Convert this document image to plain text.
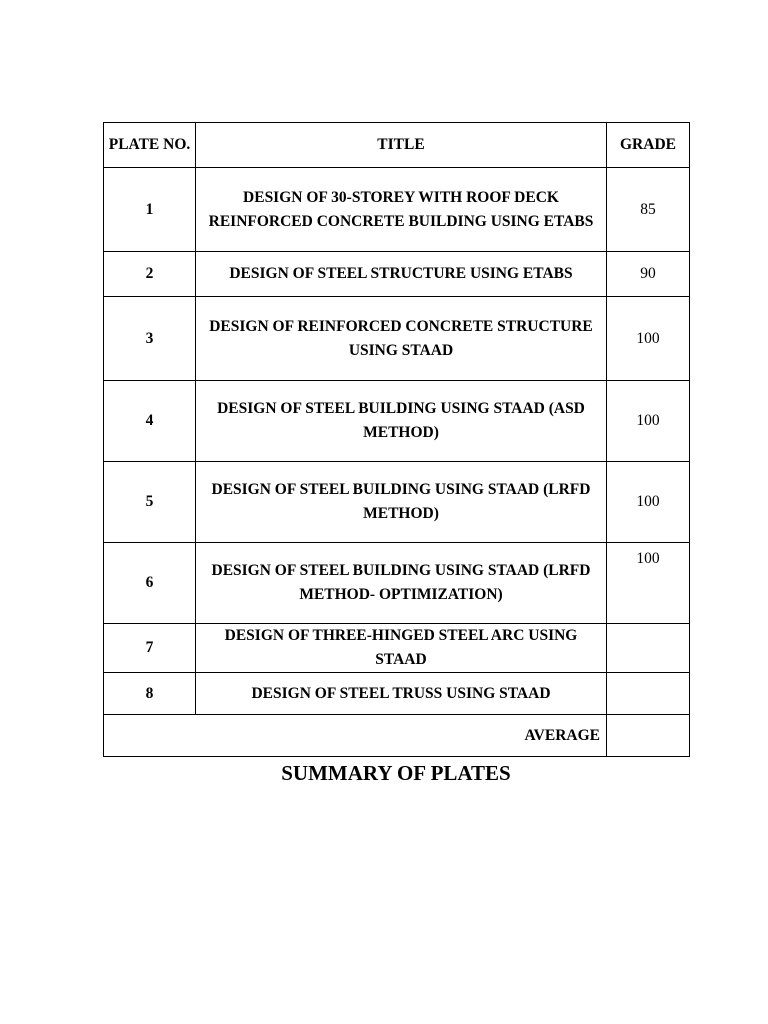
PLATE NO.	TITLE	GRADE
1	DESIGN OF 30-STOREY WITH ROOF DECK REINFORCED CONCRETE BUILDING USING ETABS	85
2	DESIGN OF STEEL STRUCTURE USING ETABS	90
3	DESIGN OF REINFORCED CONCRETE STRUCTURE USING STAAD	100
4	DESIGN OF STEEL BUILDING USING STAAD (ASD METHOD)	100
5	DESIGN OF STEEL BUILDING USING STAAD (LRFD METHOD)	100
6	DESIGN OF STEEL BUILDING USING STAAD (LRFD METHOD- OPTIMIZATION)	100
7	DESIGN OF THREE-HINGED STEEL ARC USING STAAD	
8	DESIGN OF STEEL TRUSS USING STAAD	
AVERAGE		
SUMMARY OF PLATES
